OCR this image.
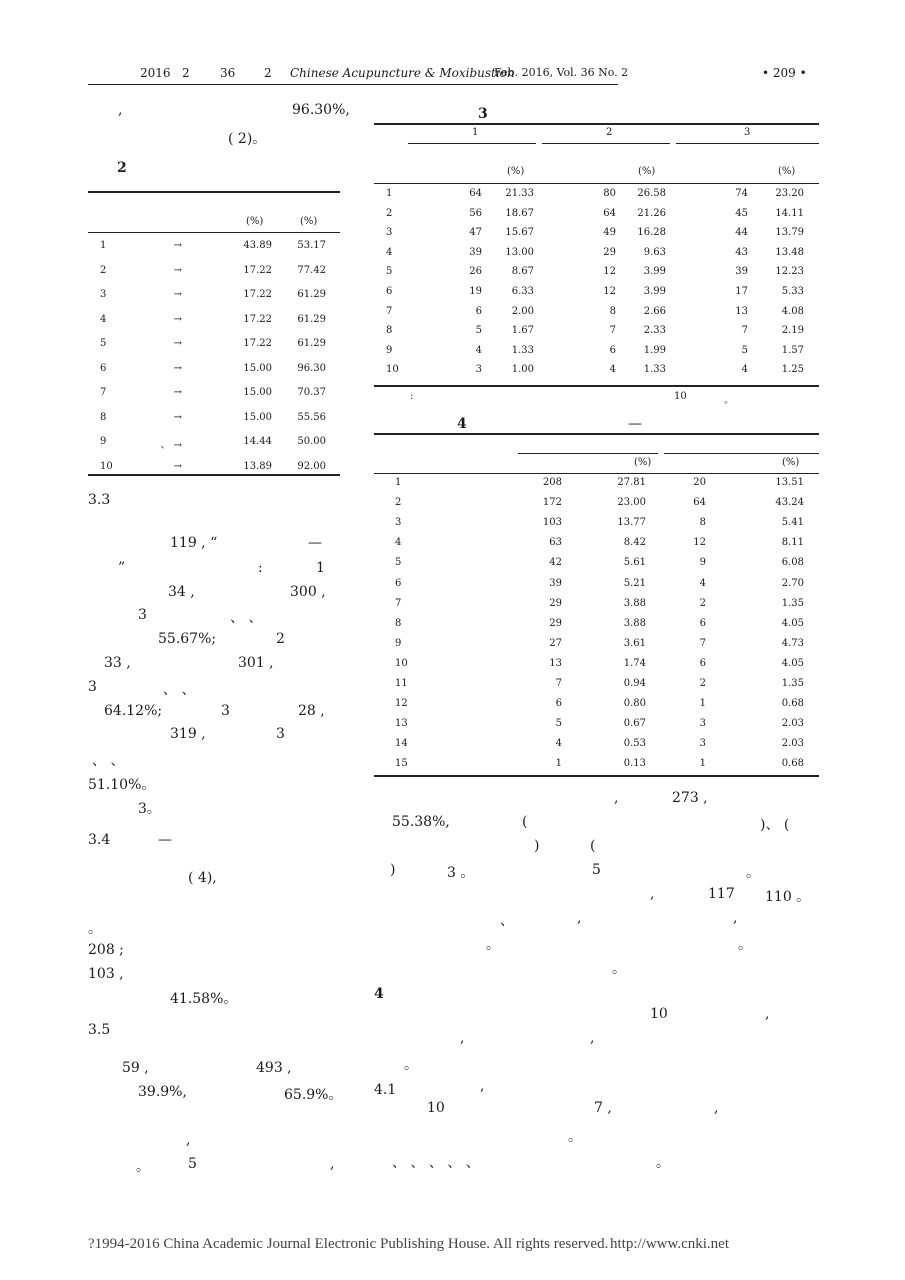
2016 2	36 2 Chinese Acupuncture & Moxibustion
Feb. 2016, Vol. 36 No. 2	• 209 •
,	96.30%,
( 2)。
3.3
119 , “	—
”	:	1
34 ,	300 ,
3	、 、
55.67%;	2
33 ,	301 ,
3	、 、
64.12%;	3	28 ,
319 ,	3
、 、
51.10%。
3。
3.4	—
( 4),
。
208 ;
103 ,
41.58%。
3.5
59 ,	493 ,
39.9%,	65.9%。
,
。	5	,
2
(%)	(%)
1	→	43.89	53.17
2	→	17.22	77.42
3	→	17.22	61.29
4	→	17.22	61.29
5	→	17.22	61.29
6	→	15.00	96.30
7	→	15.00	70.37
8	→	15.00	55.56
9	、 →	14.44	50.00
10	→	13.89	92.00
3
1	2	3
(%)	(%)	(%)
1	64	21.33	80	26.58	74	23.20
2	56	18.67	64	21.26	45	14.11
3	47	15.67	49	16.28	44	13.79
4	39	13.00	29	9.63	43	13.48
5	26	8.67	12	3.99	39	12.23
6	19	6.33	12	3.99	17	5.33
7	6	2.00	8	2.66	13	4.08
8	5	1.67	7	2.33	7	2.19
9	4	1.33	6	1.99	5	1.57
10	3	1.00	4	1.33	4	1.25
:	10	。
4	—
(%)	(%)
1	208	27.81	20	13.51
2	172	23.00	64	43.24
3	103	13.77	8	5.41
4	63	8.42	12	8.11
5	42	5.61	9	6.08
6	39	5.21	4	2.70
7	29	3.88	2	1.35
8	29	3.88	6	4.05
9	27	3.61	7	4.73
10	13	1.74	6	4.05
11	7	0.94	2	1.35
12	6	0.80	1	0.68
13	5	0.67	3	2.03
14	4	0.53	3	2.03
15	1	0.13	1	0.68
,	273 ,
55.38%,	(	)、 (
)	(
)	3 。	5	。
,	117 110 。
、	,	,
。	。
。
4
10	,
,	,
。
4.1	,
10	7 ,	,
。
、 、 、 、 、	。
?1994-2016 China Academic Journal Electronic Publishing House. All rights reserved. http://www.cnki.net
